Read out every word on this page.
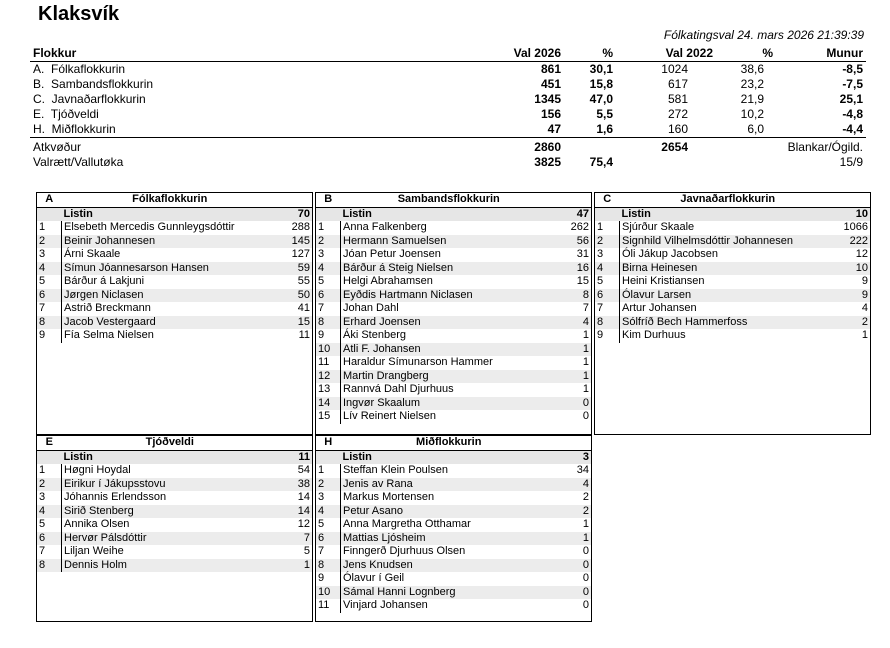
Klaksvík
Fólkatingsval 24. mars 2026 21:39:39
Flokkur	Val 2026	%	Val 2022	%	Munur
A. Fólkaflokkurin	861	30,1	1024	38,6	-8,5
B. Sambandsflokkurin	451	15,8	617	23,2	-7,5
C. Javnaðarflokkurin	1345	47,0	581	21,9	25,1
E. Tjóðveldi	156	5,5	272	10,2	-4,8
H. Miðflokkurin	47	1,6	160	6,0	-4,4
Atkvøður	2860		2654		Blankar/Ógild.
Valrætt/Vallutøka	3825	75,4			15/9
A	Fólkaflokkurin	
	Listin	70
1	Elsebeth Mercedis Gunnleygsdóttir	288
2	Beinir Johannesen	145
3	Árni Skaale	127
4	Símun Jóannesarson Hansen	59
5	Bárður á Lakjuni	55
6	Jørgen Niclasen	50
7	Astrið Breckmann	41
8	Jacob Vestergaard	15
9	Fía Selma Nielsen	11
B	Sambandsflokkurin	
	Listin	47
1	Anna Falkenberg	262
2	Hermann Samuelsen	56
3	Jóan Petur Joensen	31
4	Bárður á Steig Nielsen	16
5	Helgi Abrahamsen	15
6	Eyðdis Hartmann Niclasen	8
7	Johan Dahl	7
8	Erhard Joensen	4
9	Áki Stenberg	1
10	Atli F. Johansen	1
11	Haraldur Símunarson Hammer	1
12	Martin Drangberg	1
13	Rannvá Dahl Djurhuus	1
14	Ingvør Skaalum	0
15	Lív Reinert Nielsen	0
C	Javnaðarflokkurin	
	Listin	10
1	Sjúrður Skaale	1066
2	Signhild Vilhelmsdóttir Johannesen	222
3	Óli Jákup Jacobsen	12
4	Birna Heinesen	10
5	Heini Kristiansen	9
6	Ólavur Larsen	9
7	Artur Johansen	4
8	Sólfríð Bech Hammerfoss	2
9	Kim Durhuus	1
E	Tjóðveldi	
	Listin	11
1	Høgni Hoydal	54
2	Eirikur í Jákupsstovu	38
3	Jóhannis Erlendsson	14
4	Sirið Stenberg	14
5	Annika Olsen	12
6	Hervør Pálsdóttir	7
7	Liljan Weihe	5
8	Dennis Holm	1
H	Miðflokkurin	
	Listin	3
1	Steffan Klein Poulsen	34
2	Jenis av Rana	4
3	Markus Mortensen	2
4	Petur Asano	2
5	Anna Margretha Otthamar	1
6	Mattias Ljósheim	1
7	Finngerð Djurhuus Olsen	0
8	Jens Knudsen	0
9	Ólavur í Geil	0
10	Sámal Hanni Lognberg	0
11	Vinjard Johansen	0
